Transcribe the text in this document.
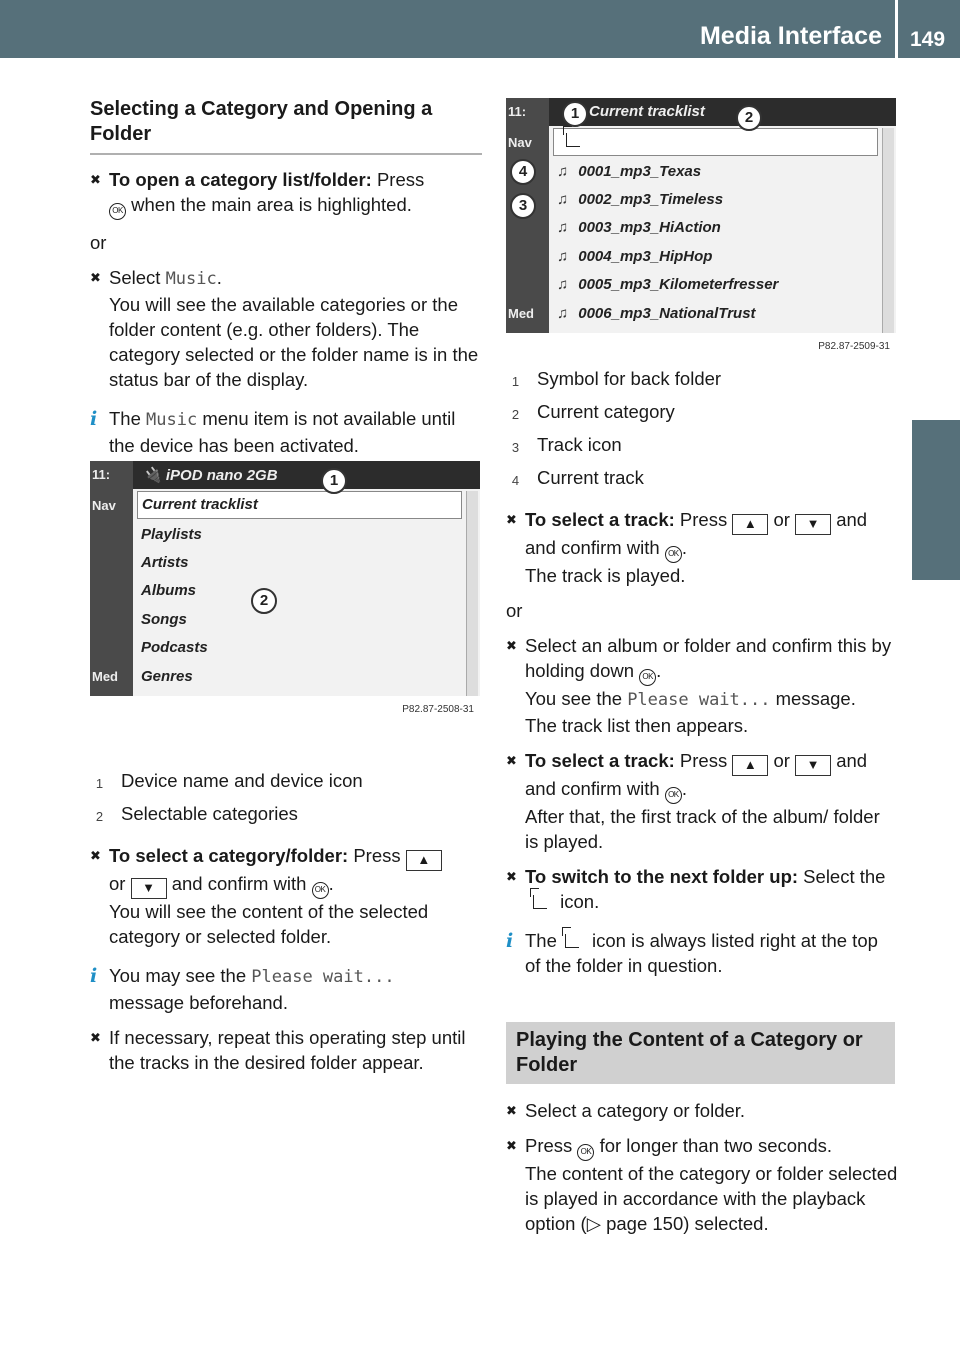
Media Interface 149
Audio
Selecting a Category and Opening a Folder
✖ To open a category list/folder: Press
OK when the main area is highlighted.
or
✖ Select Music.
You will see the available categories or the folder content (e.g. other folders). The category selected or the folder name is in the status bar of the display.
i The Music menu item is not available until the device has been activated.
1 Device name and device icon
2 Selectable categories
✖ To select a category/folder: Press ▲
or ▼ and confirm with OK .
You will see the content of the selected category or selected folder.
i You may see the Please wait...
message beforehand.
✖ If necessary, repeat this operating step until the tracks in the desired folder appear.
11:
Nav
Med
🔌 iPOD nano 2GB
Current tracklist
Playlists
Artists
Albums
Songs
Podcasts
Genres
1
2
P82.87-2508-31
11:
Nav
Med
Current tracklist
♫ 0001_mp3_Texas
♫ 0002_mp3_Timeless
♫ 0003_mp3_HiAction
♫ 0004_mp3_HipHop
♫ 0005_mp3_Kilometerfresser
♫ 0006_mp3_NationalTrust
1	2
3
4
P82.87-2509-31
1 Symbol for back folder
2 Current category
3 Track icon
4 Current track
✖ To select a track: Press ▲ or ▼ and
and confirm with OK .
The track is played.
or
✖ Select an album or folder and confirm this by holding down OK .
You see the Please wait... message.
The track list then appears.
✖ To select a track: Press ▲ or ▼ and
and confirm with OK .
After that, the first track of the album/ folder is played.
✖ To switch to the next folder up: Select the icon.
i The icon is always listed right at the top of the folder in question.
Playing the Content of a Category or Folder
✖ Select a category or folder.
✖ Press OK for longer than two seconds.
The content of the category or folder selected is played in accordance with the playback option (▷ page 150) selected.
